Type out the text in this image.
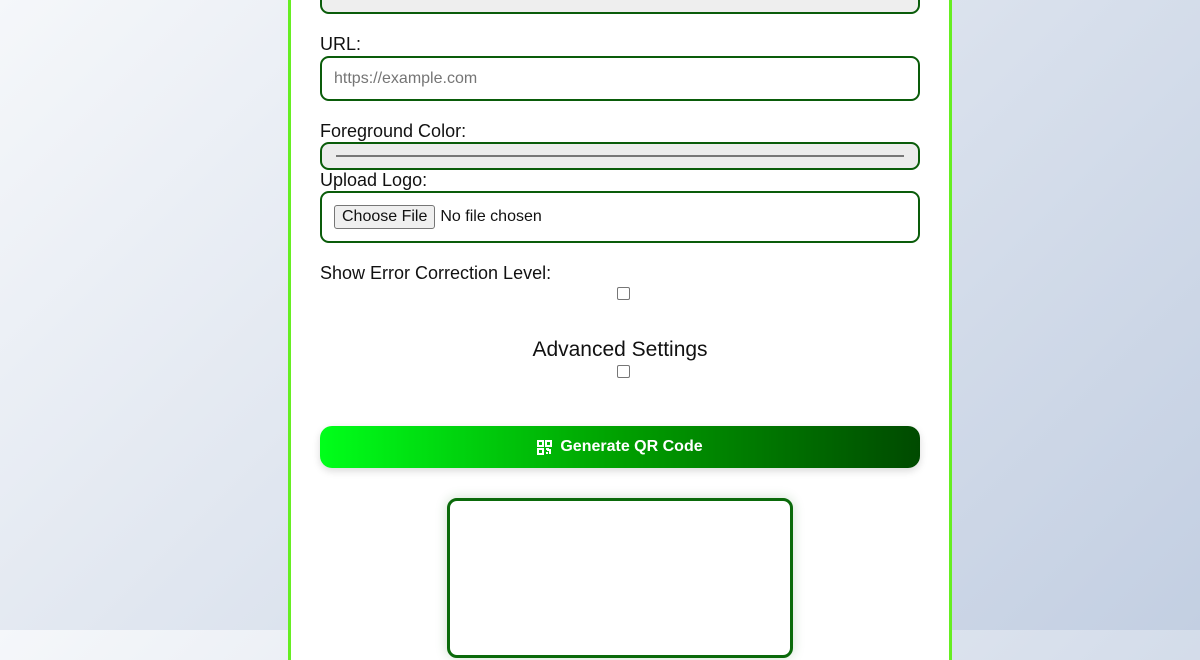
URL:
https://example.com
Foreground Color:
Upload Logo:
Choose File No file chosen
Show Error Correction Level:
Advanced Settings
Generate QR Code
